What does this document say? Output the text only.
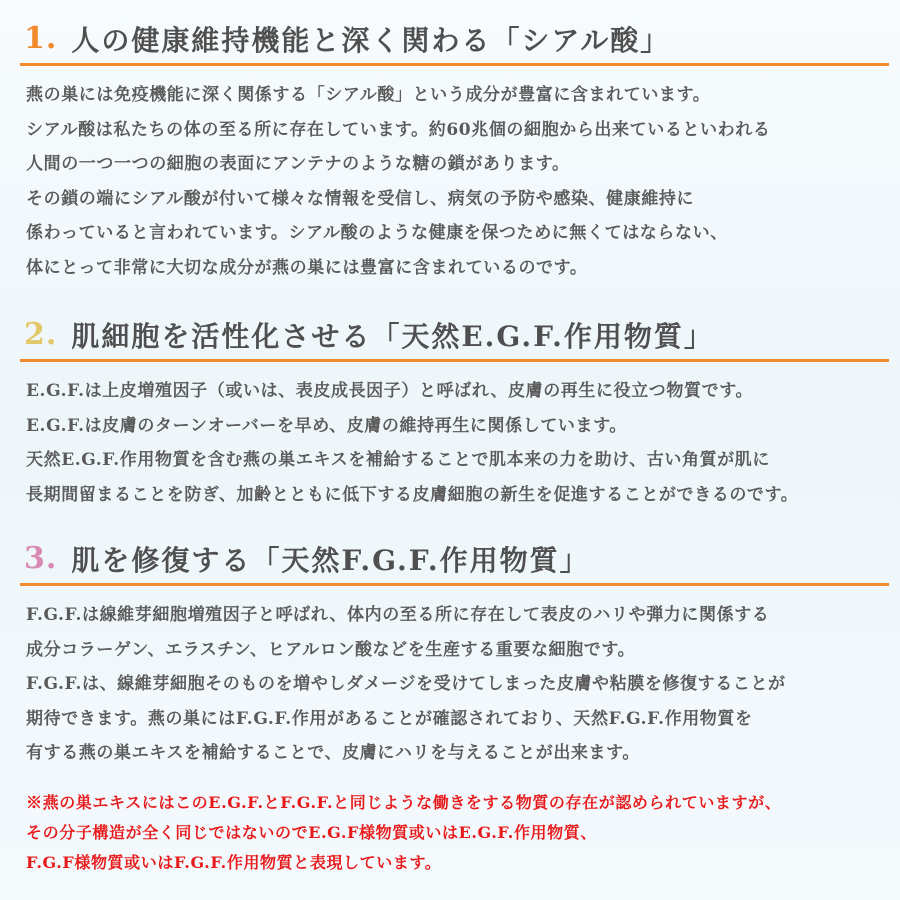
1. 人の健康維持機能と深く関わる「シアル酸」
燕の巣には免疫機能に深く関係する「シアル酸」という成分が豊富に含まれています。
シアル酸は私たちの体の至る所に存在しています。約60兆個の細胞から出来ているといわれる
人間の一つ一つの細胞の表面にアンテナのような糖の鎖があります。
その鎖の端にシアル酸が付いて様々な情報を受信し、病気の予防や感染、健康維持に
係わっていると言われています。シアル酸のような健康を保つために無くてはならない、
体にとって非常に大切な成分が燕の巣には豊富に含まれているのです。
2. 肌細胞を活性化させる「天然E.G.F.作用物質」
E.G.F.は上皮増殖因子（或いは、表皮成長因子）と呼ばれ、皮膚の再生に役立つ物質です。
E.G.F.は皮膚のターンオーバーを早め、皮膚の維持再生に関係しています。
天然E.G.F.作用物質を含む燕の巣エキスを補給することで肌本来の力を助け、古い角質が肌に
長期間留まることを防ぎ、加齢とともに低下する皮膚細胞の新生を促進することができるのです。
3. 肌を修復する「天然F.G.F.作用物質」
F.G.F.は線維芽細胞増殖因子と呼ばれ、体内の至る所に存在して表皮のハリや弾力に関係する
成分コラーゲン、エラスチン、ヒアルロン酸などを生産する重要な細胞です。
F.G.F.は、線維芽細胞そのものを増やしダメージを受けてしまった皮膚や粘膜を修復することが
期待できます。燕の巣にはF.G.F.作用があることが確認されており、天然F.G.F.作用物質を
有する燕の巣エキスを補給することで、皮膚にハリを与えることが出来ます。
※燕の巣エキスにはこのE.G.F.とF.G.F.と同じような働きをする物質の存在が認められていますが、
その分子構造が全く同じではないのでE.G.F様物質或いはE.G.F.作用物質、
F.G.F様物質或いはF.G.F.作用物質と表現しています。
